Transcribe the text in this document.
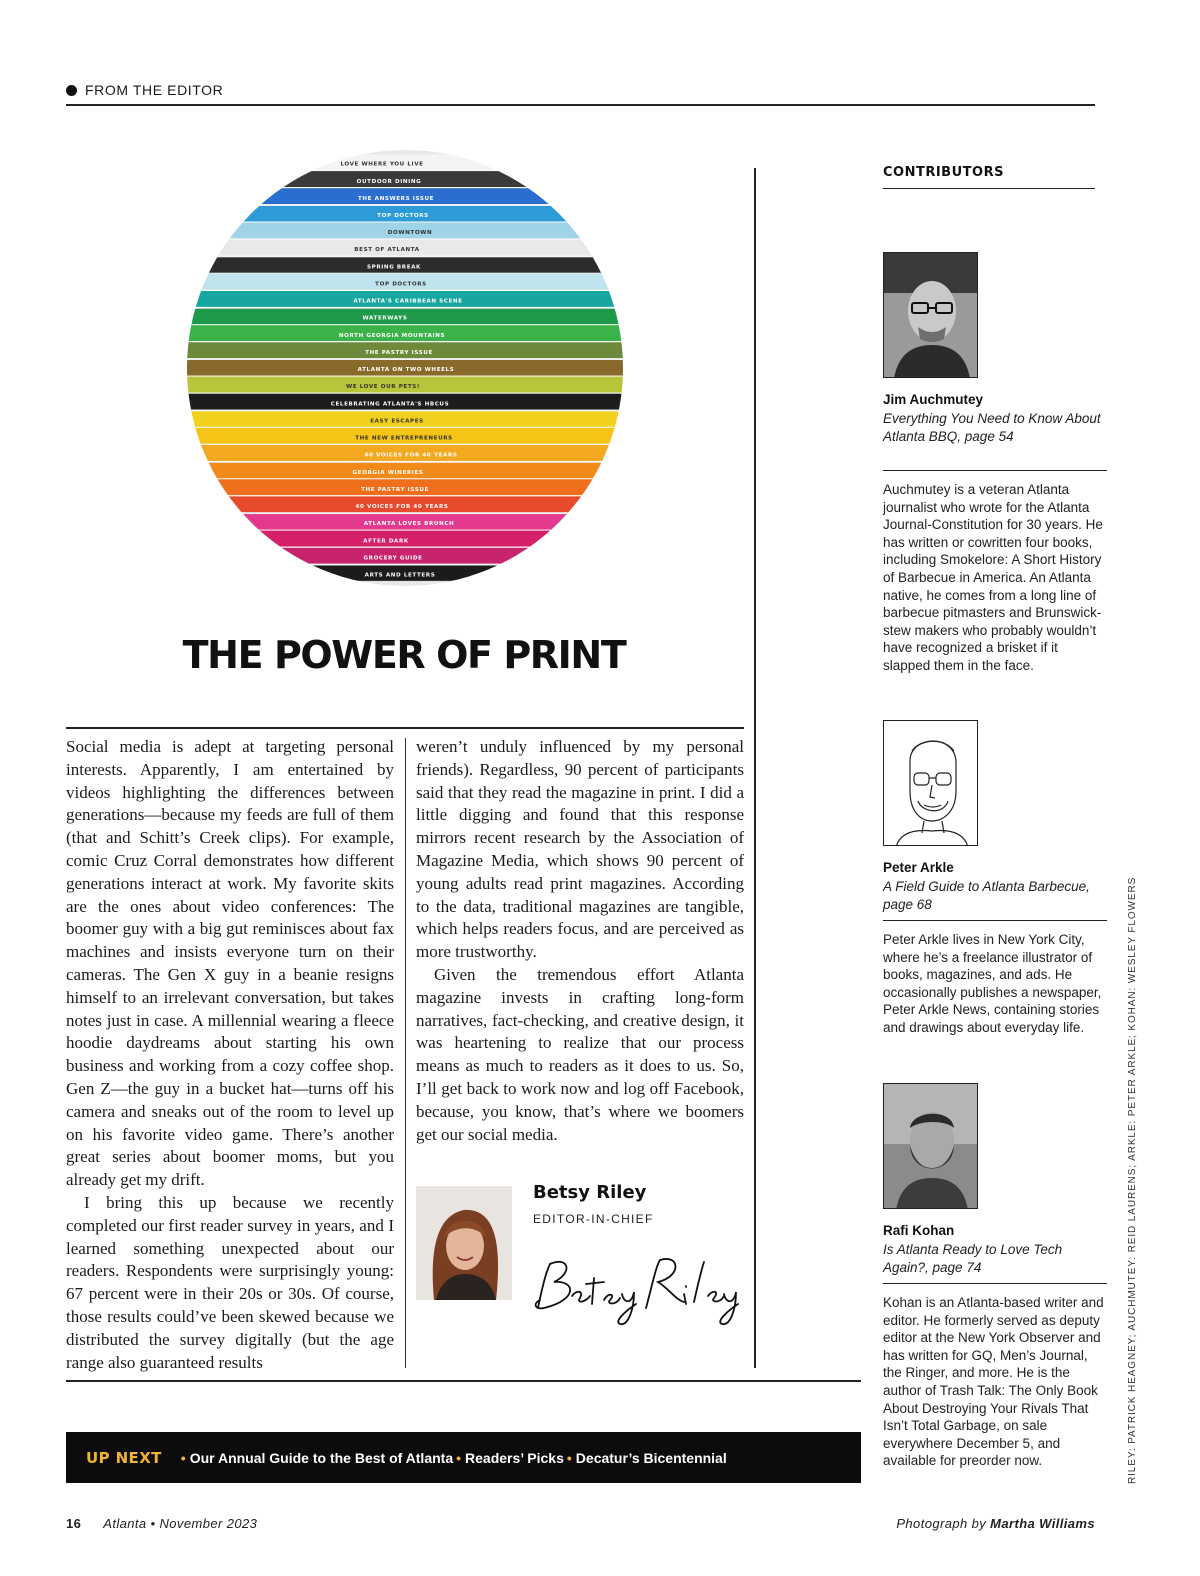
FROM THE EDITOR
LOVE WHERE YOU LIVE
OUTDOOR DINING
THE ANSWERS ISSUE
TOP DOCTORS
DOWNTOWN
BEST OF ATLANTA
SPRING BREAK
TOP DOCTORS
ATLANTA'S CARIBBEAN SCENE
WATERWAYS
NORTH GEORGIA MOUNTAINS
THE PASTRY ISSUE
ATLANTA ON TWO WHEELS
WE LOVE OUR PETS!
CELEBRATING ATLANTA'S HBCUS
EASY ESCAPES
THE NEW ENTREPRENEURS
40 VOICES FOR 40 YEARS
GEORGIA WINERIES
THE PASTRY ISSUE
40 VOICES FOR 40 YEARS
ATLANTA LOVES BRUNCH
AFTER DARK
GROCERY GUIDE
ARTS AND LETTERS
THE POWER OF PRINT

Social media is adept at targeting personal interests. Apparently, I am entertained by videos highlighting the differences between generations—because my feeds are full of them (that and Schitt’s Creek clips). For example, comic Cruz Corral demonstrates how different generations interact at work. My favorite skits are the ones about video conferences: The boomer guy with a big gut reminisces about fax machines and insists everyone turn on their cameras. The Gen X guy in a beanie resigns himself to an irrelevant conversation, but takes notes just in case. A millennial wearing a fleece hoodie daydreams about starting his own business and working from a cozy coffee shop. Gen Z—the guy in a bucket hat—turns off his camera and sneaks out of the room to level up on his favorite video game. There’s another great series about boomer moms, but you already get my drift.

I bring this up because we recently completed our first reader survey in years, and I learned something unexpected about our readers. Respondents were surprisingly young: 67 percent were in their 20s or 30s. Of course, those results could’ve been skewed because we distributed the survey digitally (but the age range also guaranteed results

weren’t unduly influenced by my personal friends). Regardless, 90 percent of participants said that they read the magazine in print. I did a little digging and found that this response mirrors recent research by the Association of Magazine Media, which shows 90 percent of young adults read print magazines. According to the data, traditional magazines are tangible, which helps readers focus, and are perceived as more trustworthy.

Given the tremendous effort Atlanta magazine invests in crafting long-form narratives, fact-checking, and creative design, it was heartening to realize that our process means as much to readers as it does to us. So, I’ll get back to work now and log off Facebook, because, you know, that’s where we boomers get our social media.

Betsy Riley
EDITOR-IN-CHIEF
UP NEXT • Our Annual Guide to the Best of Atlanta • Readers’ Picks • Decatur’s Bicentennial
CONTRIBUTORS
Jim Auchmutey
Everything You Need to Know About Atlanta BBQ, page 54
Auchmutey is a veteran Atlanta journalist who wrote for the Atlanta Journal-Constitution for 30 years. He has written or cowritten four books, including Smokelore: A Short History of Barbecue in America. An Atlanta native, he comes from a long line of barbecue pitmasters and Brunswick-stew makers who probably wouldn’t have recognized a brisket if it slapped them in the face.
Peter Arkle
A Field Guide to Atlanta Barbecue, page 68
Peter Arkle lives in New York City, where he’s a freelance illustrator of books, magazines, and ads. He occasionally publishes a newspaper, Peter Arkle News, containing stories and drawings about everyday life.
Rafi Kohan
Is Atlanta Ready to Love Tech Again?, page 74
Kohan is an Atlanta-based writer and editor. He formerly served as deputy editor at the New York Observer and has written for GQ, Men’s Journal, the Ringer, and more. He is the author of Trash Talk: The Only Book About Destroying Your Rivals That Isn’t Total Garbage, on sale everywhere December 5, and available for preorder now.	RILEY: PATRICK HEAGNEY; AUCHMUTEY: REID LAURENS; ARKLE: PETER ARKLE; KOHAN: WESLEY FLOWERS
16 Atlanta • November 2023	Photograph by Martha Williams
